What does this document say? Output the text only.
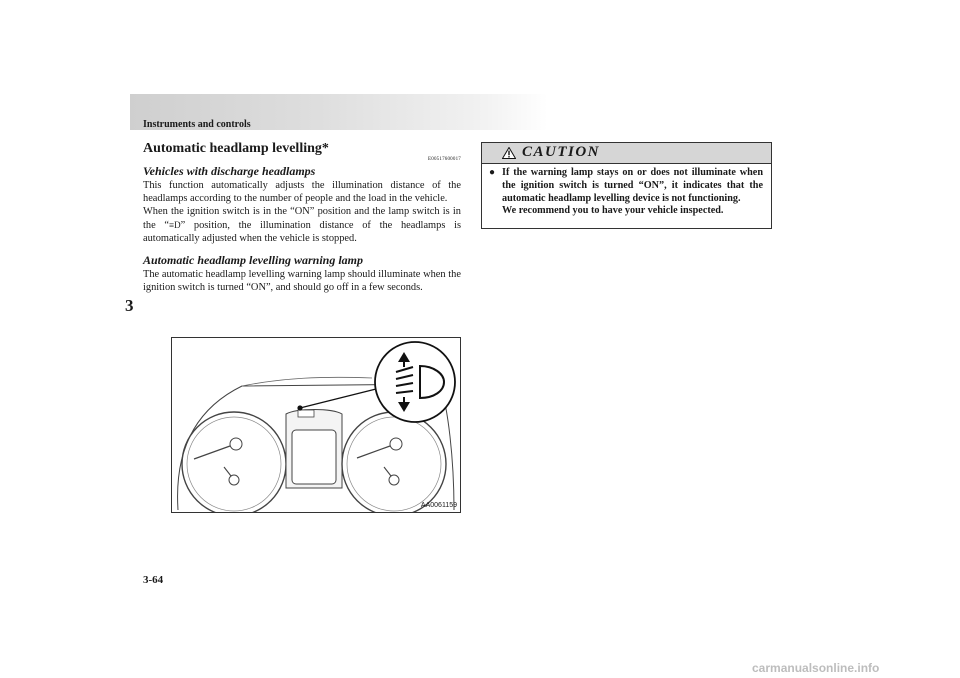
Instruments and controls
3
Automatic headlamp levelling*
E00517600017
Vehicles with discharge headlamps

This function automatically adjusts the illumination distance of the headlamps according to the number of people and the load in the vehicle.

When the ignition switch is in the “ON” position and the lamp switch is in the “≡D” position, the illumination distance of the headlamps is automatically adjusted when the vehicle is stopped.

Automatic headlamp levelling warning lamp

The automatic headlamp levelling warning lamp should illuminate when the ignition switch is turned “ON”, and should go off in a few seconds.

AA0061159
CAUTION
● If the warning lamp stays on or does not illuminate when the ignition switch is turned “ON”, it indicates that the automatic headlamp levelling device is not functioning.
We recommend you to have your vehicle inspected.
3-64
carmanualsonline.info
